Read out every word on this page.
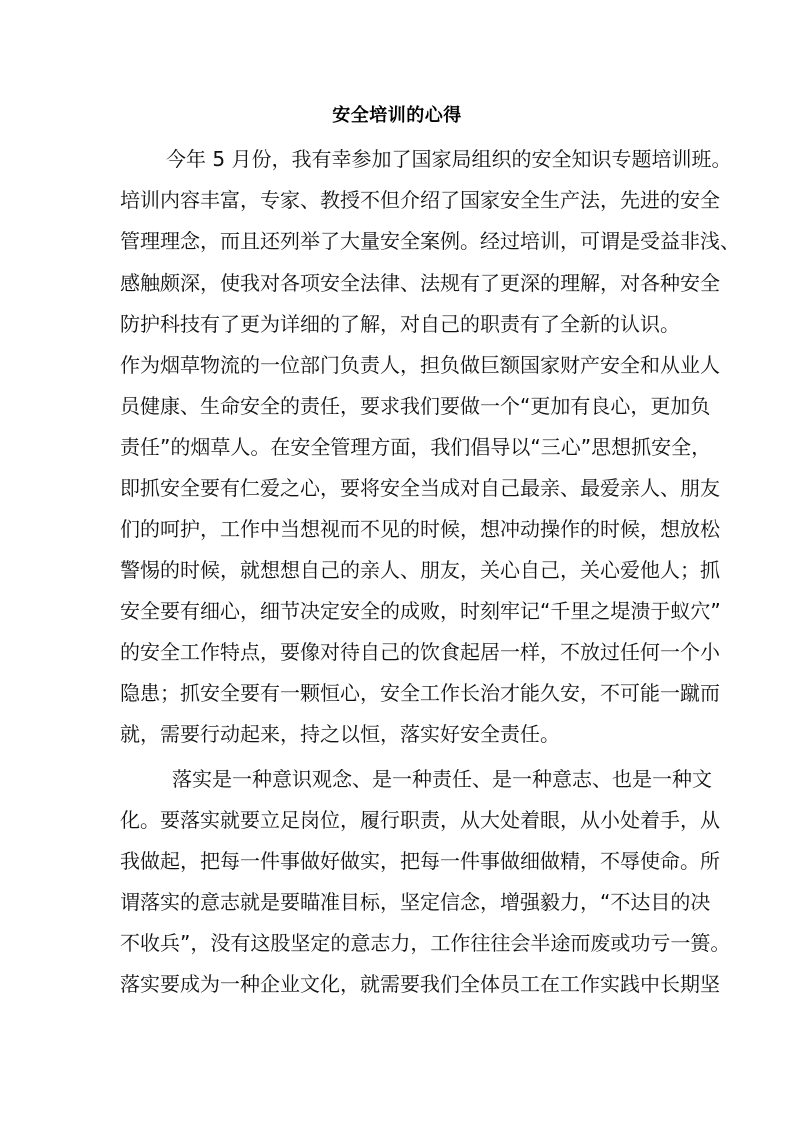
安全培训的心得
今年 5 月份，我有幸参加了国家局组织的安全知识专题培训班。
培训内容丰富，专家、教授不但介绍了国家安全生产法，先进的安全
管理理念，而且还列举了大量安全案例。经过培训，可谓是受益非浅、
感触颇深，使我对各项安全法律、法规有了更深的理解，对各种安全
防护科技有了更为详细的了解，对自己的职责有了全新的认识。
作为烟草物流的一位部门负责人，担负做巨额国家财产安全和从业人
员健康、生命安全的责任，要求我们要做一个“更加有良心，更加负
责任”的烟草人。在安全管理方面，我们倡导以“三心”思想抓安全，
即抓安全要有仁爱之心，要将安全当成对自己最亲、最爱亲人、朋友
们的呵护，工作中当想视而不见的时候，想冲动操作的时候，想放松
警惕的时候，就想想自己的亲人、朋友，关心自己，关心爱他人；抓
安全要有细心，细节决定安全的成败，时刻牢记“千里之堤溃于蚁穴”
的安全工作特点，要像对待自己的饮食起居一样，不放过任何一个小
隐患；抓安全要有一颗恒心，安全工作长治才能久安，不可能一蹴而
就，需要行动起来，持之以恒，落实好安全责任。
落实是一种意识观念、是一种责任、是一种意志、也是一种文
化。要落实就要立足岗位，履行职责，从大处着眼，从小处着手，从
我做起，把每一件事做好做实，把每一件事做细做精，不辱使命。所
谓落实的意志就是要瞄准目标，坚定信念，增强毅力，“不达目的决
不收兵”，没有这股坚定的意志力，工作往往会半途而废或功亏一篑。
落实要成为一种企业文化，就需要我们全体员工在工作实践中长期坚
